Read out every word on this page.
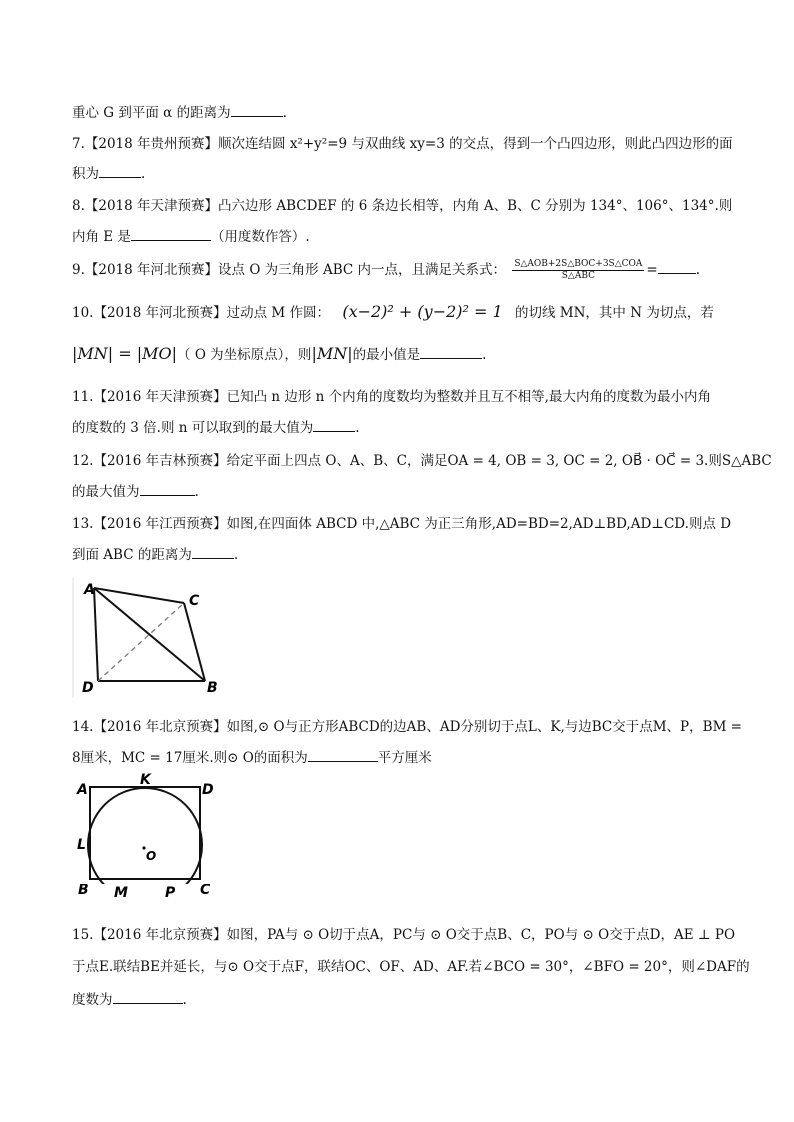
重心 G 到平面 α 的距离为	.
7.【2018 年贵州预赛】顺次连结圆 x²+y²=9 与双曲线 xy=3 的交点，得到一个凸四边形，则此凸四边形的面
积为	.
8.【2018 年天津预赛】凸六边形 ABCDEF 的 6 条边长相等，内角 A、B、C 分别为 134°、106°、134°.则
内角 E 是	（用度数作答）.
9.【2018 年河北预赛】设点 O 为三角形 ABC 内一点，且满足关系式： $\frac{\text{S△AOB+2S△BOC+3S△COA}}{\text{S△ABC}}$ =	.
10.【2018 年河北预赛】过动点 M 作圆： (x−2)² + (y−2)² = 1 的切线 MN，其中 N 为切点，若
|MN| = |MO|（ O 为坐标原点），则|MN|的最小值是	.
11.【2016 年天津预赛】已知凸 n 边形 n 个内角的度数均为整数并且互不相等,最大内角的度数为最小内角
的度数的 3 倍.则 n 可以取到的最大值为	.
12.【2016 年吉林预赛】给定平面上四点 O、A、B、C，满足OA = 4, OB = 3, OC = 2, OB⃗ · OC⃗ = 3.则S△ABC
的最大值为	.
13.【2016 年江西预赛】如图,在四面体 ABCD 中,△ABC 为正三角形,AD=BD=2,AD⊥BD,AD⊥CD.则点 D
到面 ABC 的距离为	.
A
C
D	B
14.【2016 年北京预赛】如图,⊙ O与正方形ABCD的边AB、AD分别切于点L、K,与边BC交于点M、P，BM =
8厘米，MC = 17厘米.则⊙ O的面积为	平方厘米
A
K
D
L
O
B M	P C
15.【2016 年北京预赛】如图，PA与 ⊙ O切于点A，PC与 ⊙ O交于点B、C，PO与 ⊙ O交于点D，AE ⊥ PO
于点E.联结BE并延长，与⊙ O交于点F，联结OC、OF、AD、AF.若∠BCO = 30°，∠BFO = 20°，则∠DAF的
度数为	.
